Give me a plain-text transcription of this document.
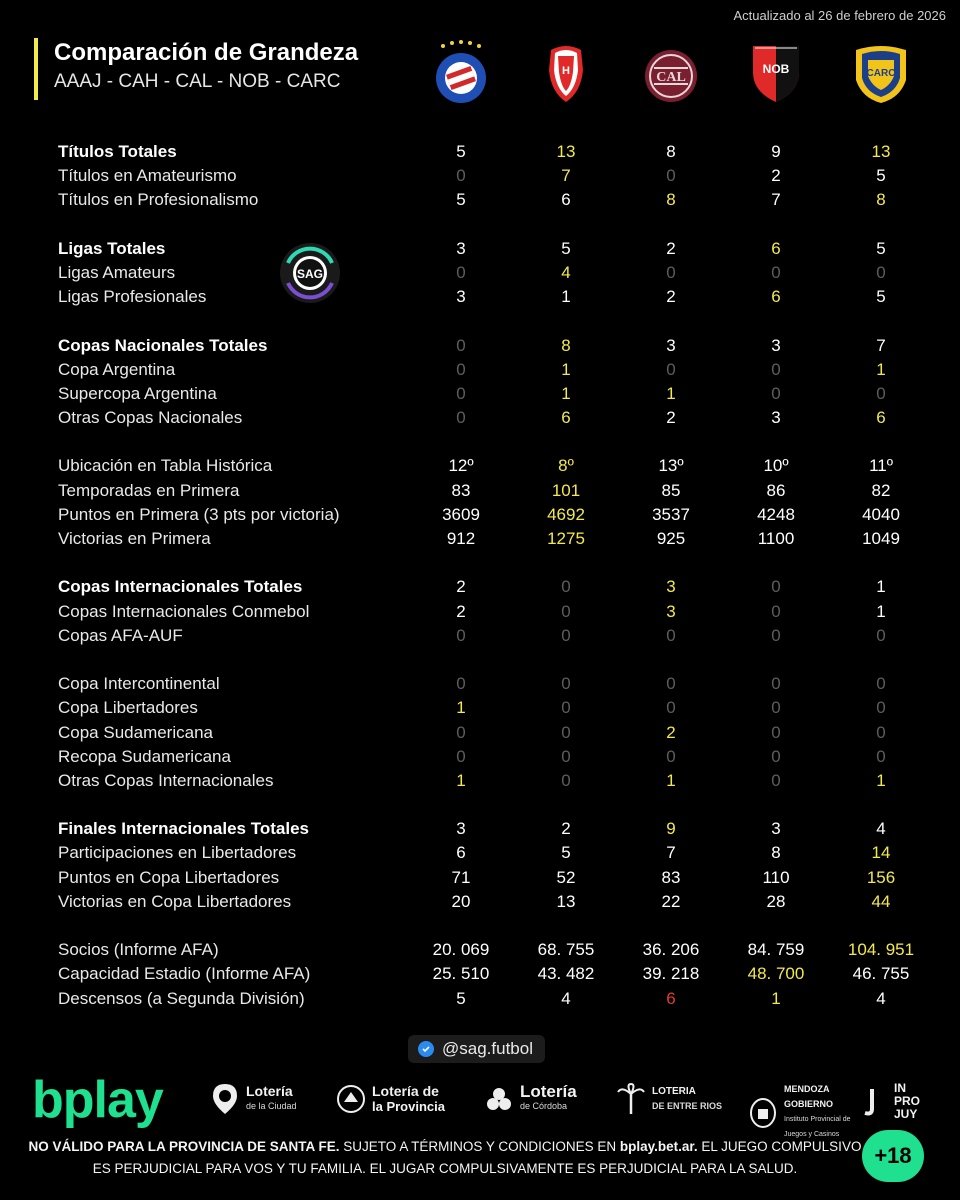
Actualizado al 26 de febrero de 2026
Comparación de Grandeza
AAAJ - CAH - CAL - NOB - CARC	H	CAL
NOB	CARC
SAG
Títulos Totales	5	13	8	9	13
Títulos en Amateurismo	0	7	0	2	5
Títulos en Profesionalismo	5	6	8	7	8
Ligas Totales	3	5	2	6	5
Ligas Amateurs	0	4	0	0	0
Ligas Profesionales	3	1	2	6	5
Copas Nacionales Totales	0	8	3	3	7
Copa Argentina	0	1	0	0	1
Supercopa Argentina	0	1	1	0	0
Otras Copas Nacionales	0	6	2	3	6
Ubicación en Tabla Histórica	12º	8º	13º	10º	11º
Temporadas en Primera	83	101	85	86	82
Puntos en Primera (3 pts por victoria)	3609	4692	3537	4248	4040
Victorias en Primera	912	1275	925	1100	1049
Copas Internacionales Totales	2	0	3	0	1
Copas Internacionales Conmebol	2	0	3	0	1
Copas AFA-AUF	0	0	0	0	0
Copa Intercontinental	0	0	0	0	0
Copa Libertadores	1	0	0	0	0
Copa Sudamericana	0	0	2	0	0
Recopa Sudamericana	0	0	0	0	0
Otras Copas Internacionales	1	0	1	0	1
Finales Internacionales Totales	3	2	9	3	4
Participaciones en Libertadores	6	5	7	8	14
Puntos en Copa Libertadores	71	52	83	110	156
Victorias en Copa Libertadores	20	13	22	28	44
Socios (Informe AFA)	20. 069	68. 755	36. 206	84. 759	104. 951
Capacidad Estadio (Informe AFA)	25. 510	43. 482	39. 218	48. 700	46. 755
Descensos (a Segunda División)	5	4	6	1	4
@sag.futbol
bplay	Lotería
de la Ciudad
Lotería de
la Provincia
Lotería
de Córdoba
LOTERIA
DE ENTRE RIOS
MENDOZA GOBIERNO
Instituto Provincial de Juegos y Casinos
IN PRO JUY
NO VÁLIDO PARA LA PROVINCIA DE SANTA FE. SUJETO A TÉRMINOS Y CONDICIONES EN bplay.bet.ar. EL JUEGO COMPULSIVO ES PERJUDICIAL PARA VOS Y TU FAMILIA. EL JUGAR COMPULSIVAMENTE ES PERJUDICIAL PARA LA SALUD.
+18
